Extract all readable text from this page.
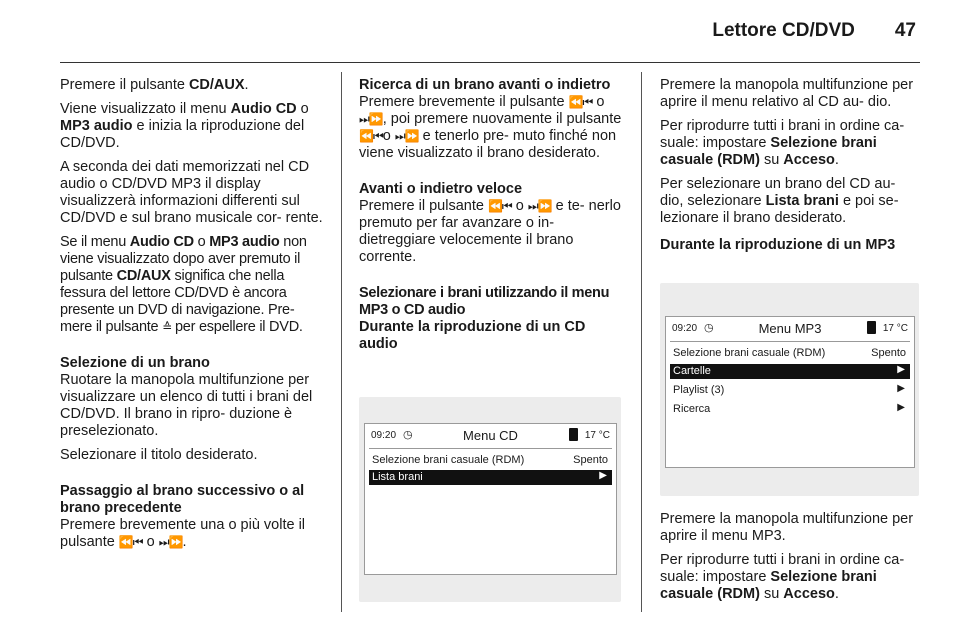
Lettore CD/DVD 47

Premere il pulsante CD/AUX.

Viene visualizzato il menu Audio CD o MP3 audio e inizia la riproduzione del CD/DVD.

A seconda dei dati memorizzati nel CD audio o CD/DVD MP3 il display visualizzerà informazioni differenti sul CD/DVD e sul brano musicale cor- rente.

Se il menu Audio CD o MP3 audio non viene visualizzato dopo aver premuto il pulsante CD/AUX significa che nella fessura del lettore CD/DVD è ancora presente un DVD di navigazione. Pre- mere il pulsante ≙ per espellere il DVD.

Selezione di un brano

Ruotare la manopola multifunzione per visualizzare un elenco di tutti i brani del CD/DVD. Il brano in ripro- duzione è preselezionato.

Selezionare il titolo desiderato.

Passaggio al brano successivo o al brano precedente

Premere brevemente una o più volte il pulsante ⏪⏮ o ⏭⏩.

Ricerca di un brano avanti o indietro

Premere brevemente il pulsante ⏪⏮ o ⏭⏩, poi premere nuovamente il pulsante ⏪⏮o ⏭⏩ e tenerlo pre- muto finché non viene visualizzato il brano desiderato.

Avanti o indietro veloce

Premere il pulsante ⏪⏮ o ⏭⏩ e te- nerlo premuto per far avanzare o in- dietreggiare velocemente il brano corrente.

Selezionare i brani utilizzando il menu MP3 o CD audio
Durante la riproduzione di un CD audio
09:20 ◷	Menu CD	17 °C
Selezione brani casuale (RDM)	Spento
Lista brani	▶

Premere la manopola multifunzione per aprire il menu relativo al CD au- dio.

Per riprodurre tutti i brani in ordine ca- suale: impostare Selezione brani casuale (RDM) su Acceso.

Per selezionare un brano del CD au- dio, selezionare Lista brani e poi se- lezionare il brano desiderato.

Durante la riproduzione di un MP3
09:20 ◷	Menu MP3	17 °C
Selezione brani casuale (RDM)	Spento
Cartelle	▶
Playlist (3)	▶
Ricerca	▶

Premere la manopola multifunzione per aprire il menu MP3.

Per riprodurre tutti i brani in ordine ca- suale: impostare Selezione brani casuale (RDM) su Acceso.
